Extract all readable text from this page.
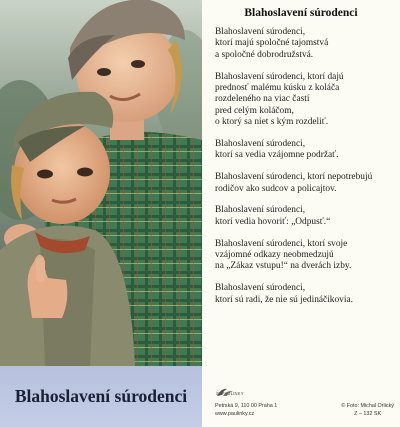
Blahoslavení súrodenci
Blahoslavení súrodenci
Blahoslavení súrodenci,
ktorí majú spoločné tajomstvá
a spoločné dobrodružstvá.
Blahoslavení súrodenci, ktorí dajú
prednosť malému kúsku z koláča
rozdeleného na viac častí
pred celým koláčom,
o ktorý sa niet s kým rozdeliť.
Blahoslavení súrodenci,
ktorí sa vedia vzájomne podržať.
Blahoslavení súrodenci, ktorí nepotrebujú
rodičov ako sudcov a policajtov.
Blahoslavení súrodenci,
ktorí vedia hovoriť: „Odpusť.“
Blahoslavení súrodenci, ktorí svoje
vzájomné odkazy neobmedzujú
na „Zákaz vstupu!“ na dverách izby.
Blahoslavení súrodenci,
ktorí sú radi, že nie sú jedináčikovia.
St PAULINKY
Petrská 9, 110 00 Praha 1
www.paulinky.cz
© Foto: Michal Orlický
Z – 132 SK
